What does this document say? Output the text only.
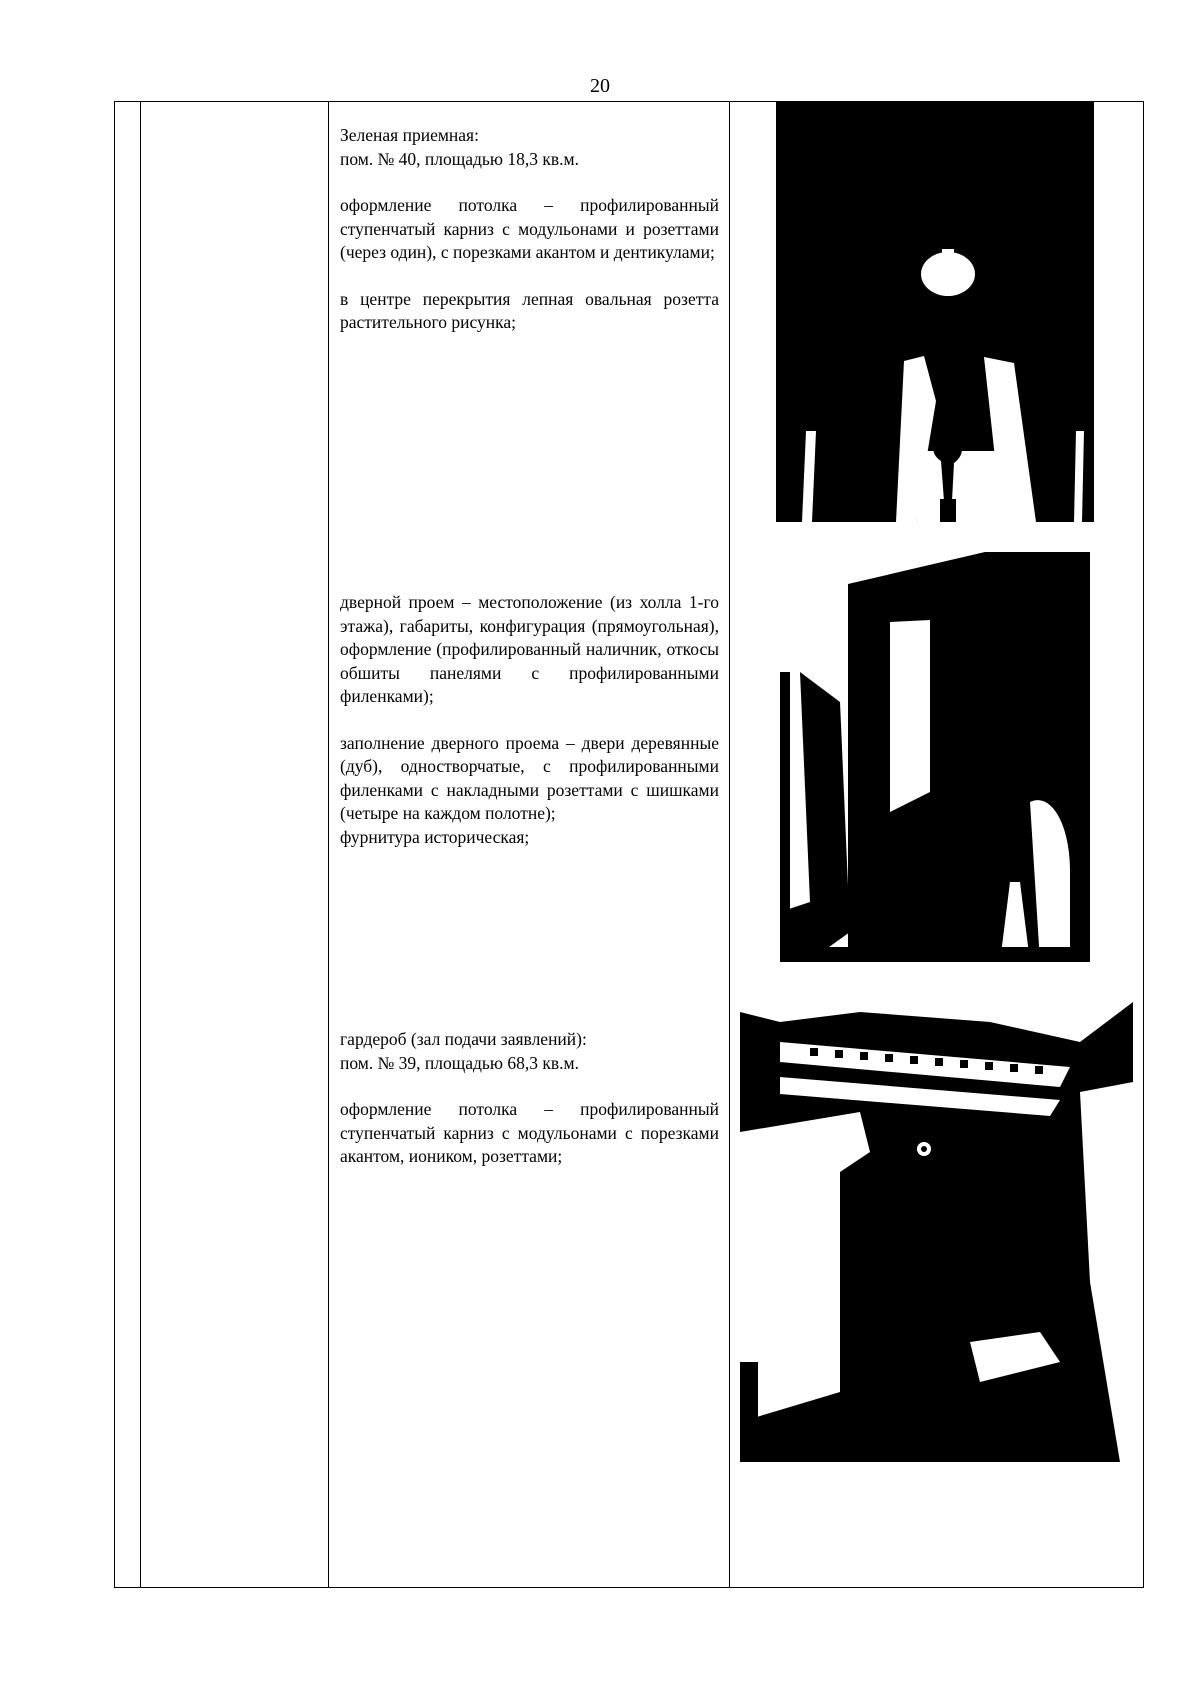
20

Зеленая приемная:
пом. № 40, площадью 18,3 кв.м.

оформление потолка – профилированный ступенчатый карниз с модульонами и розеттами (через один), с порезками акантом и дентикулами;

в центре перекрытия лепная овальная розетта растительного рисунка;

дверной проем – местоположение (из холла 1-го этажа), габариты, конфигурация (прямоугольная), оформление (профилированный наличник, откосы обшиты панелями с профилированными филенками);

заполнение дверного проема – двери деревянные (дуб), одностворчатые, с профилированными филенками с накладными розеттами с шишками (четыре на каждом полотне);

фурнитура историческая;

гардероб (зал подачи заявлений):
пом. № 39, площадью 68,3 кв.м.

оформление потолка – профилированный ступенчатый карниз с модульонами с порезками акантом, иоником, розеттами;
